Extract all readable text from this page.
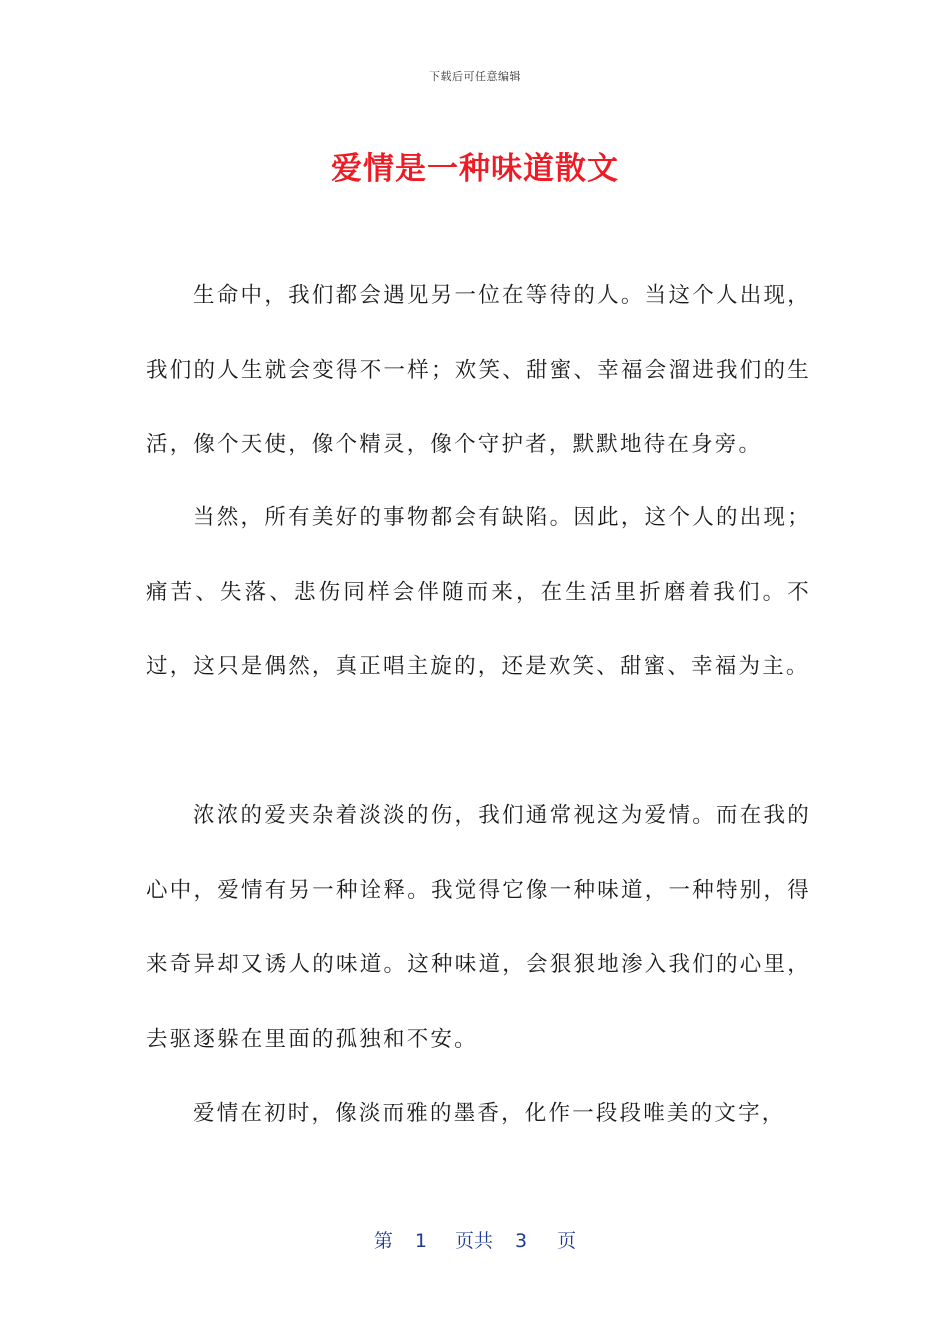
下载后可任意编辑
爱情是一种味道散文

生命中，我们都会遇见另一位在等待的人。当这个人出现，我们的人生就会变得不一样；欢笑、甜蜜、幸福会溜进我们的生活，像个天使，像个精灵，像个守护者，默默地待在身旁。

当然，所有美好的事物都会有缺陷。因此，这个人的出现；痛苦、失落、悲伤同样会伴随而来，在生活里折磨着我们。不过，这只是偶然，真正唱主旋的，还是欢笑、甜蜜、幸福为主。

浓浓的爱夹杂着淡淡的伤，我们通常视这为爱情。而在我的心中，爱情有另一种诠释。我觉得它像一种味道，一种特别，得来奇异却又诱人的味道。这种味道，会狠狠地渗入我们的心里，去驱逐躲在里面的孤独和不安。

爱情在初时，像淡而雅的墨香，化作一段段唯美的文字，

第 1 页共 3 页
